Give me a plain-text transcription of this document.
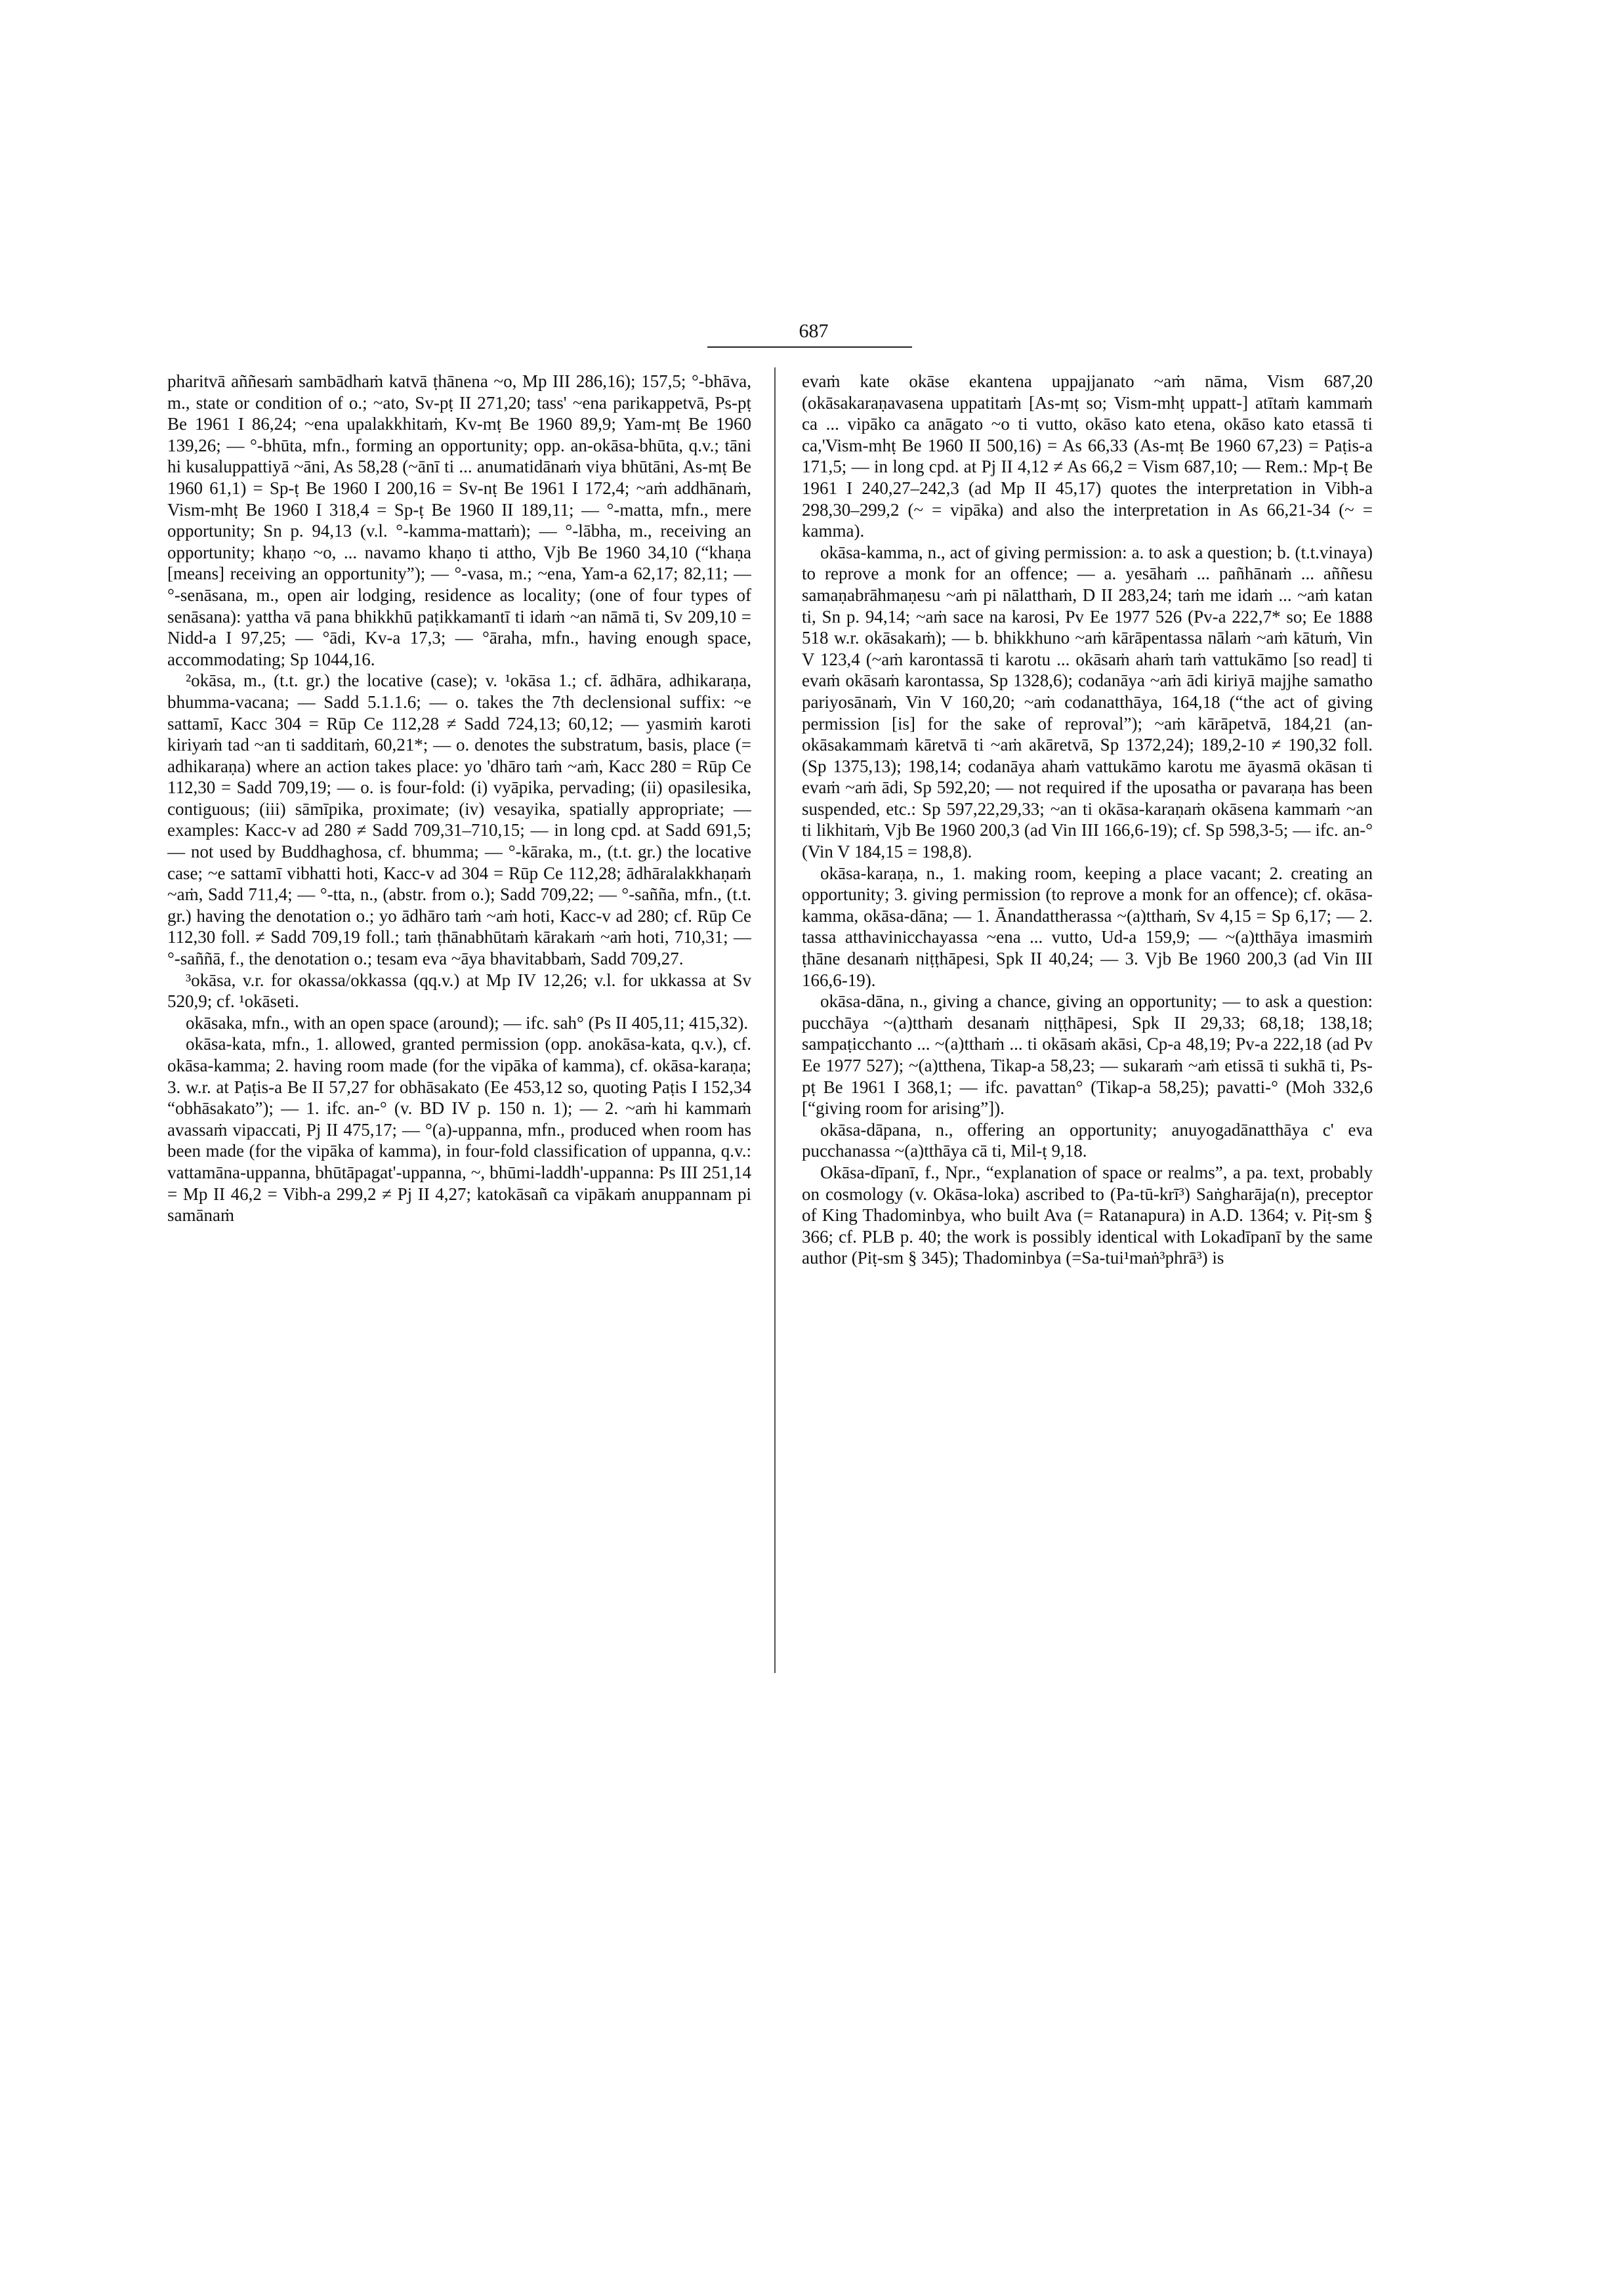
687

pharitvā aññesaṁ sambādhaṁ katvā ṭhānena ~o, Mp III 286,16); 157,5; °-bhāva, m., state or condition of o.; ~ato, Sv-pṭ II 271,20; tass' ~ena parikappetvā, Ps-pṭ Be 1961 I 86,24; ~ena upalakkhitaṁ, Kv-mṭ Be 1960 89,9; Yam-mṭ Be 1960 139,26; — °-bhūta, mfn., forming an opportunity; opp. an-okāsa-bhūta, q.v.; tāni hi kusaluppattiyā ~āni, As 58,28 (~ānī ti ... anumatidānaṁ viya bhūtāni, As-mṭ Be 1960 61,1) = Sp-ṭ Be 1960 I 200,16 = Sv-nṭ Be 1961 I 172,4; ~aṁ addhānaṁ, Vism-mhṭ Be 1960 I 318,4 = Sp-ṭ Be 1960 II 189,11; — °-matta, mfn., mere opportunity; Sn p. 94,13 (v.l. °-kamma-mattaṁ); — °-lābha, m., receiving an opportunity; khaṇo ~o, ... navamo khaṇo ti attho, Vjb Be 1960 34,10 (“khaṇa [means] receiving an opportunity”); — °-vasa, m.; ~ena, Yam-a 62,17; 82,11; — °-senāsana, m., open air lodging, residence as locality; (one of four types of senāsana): yattha vā pana bhikkhū paṭikkamantī ti idaṁ ~an nāmā ti, Sv 209,10 = Nidd-a I 97,25; — °ādi, Kv-a 17,3; — °āraha, mfn., having enough space, accommodating; Sp 1044,16.

²okāsa, m., (t.t. gr.) the locative (case); v. ¹okāsa 1.; cf. ādhāra, adhikaraṇa, bhumma-vacana; — Sadd 5.1.1.6; — o. takes the 7th declensional suffix: ~e sattamī, Kacc 304 = Rūp Ce 112,28 ≠ Sadd 724,13; 60,12; — yasmiṁ karoti kiriyaṁ tad ~an ti sadditaṁ, 60,21*; — o. denotes the substratum, basis, place (= adhikaraṇa) where an action takes place: yo 'dhāro taṁ ~aṁ, Kacc 280 = Rūp Ce 112,30 = Sadd 709,19; — o. is four-fold: (i) vyāpika, pervading; (ii) opasilesika, contiguous; (iii) sāmīpika, proximate; (iv) vesayika, spatially appropriate; — examples: Kacc-v ad 280 ≠ Sadd 709,31–710,15; — in long cpd. at Sadd 691,5; — not used by Buddhaghosa, cf. bhumma; — °-kāraka, m., (t.t. gr.) the locative case; ~e sattamī vibhatti hoti, Kacc-v ad 304 = Rūp Ce 112,28; ādhāralakkhaṇaṁ ~aṁ, Sadd 711,4; — °-tta, n., (abstr. from o.); Sadd 709,22; — °-sañña, mfn., (t.t. gr.) having the denotation o.; yo ādhāro taṁ ~aṁ hoti, Kacc-v ad 280; cf. Rūp Ce 112,30 foll. ≠ Sadd 709,19 foll.; taṁ ṭhānabhūtaṁ kārakaṁ ~aṁ hoti, 710,31; — °-saññā, f., the denotation o.; tesam eva ~āya bhavitabbaṁ, Sadd 709,27.

³okāsa, v.r. for okassa/okkassa (qq.v.) at Mp IV 12,26; v.l. for ukkassa at Sv 520,9; cf. ¹okāseti.

okāsaka, mfn., with an open space (around); — ifc. sah° (Ps II 405,11; 415,32).

okāsa-kata, mfn., 1. allowed, granted permission (opp. anokāsa-kata, q.v.), cf. okāsa-kamma; 2. having room made (for the vipāka of kamma), cf. okāsa-karaṇa; 3. w.r. at Paṭis-a Be II 57,27 for obhāsakato (Ee 453,12 so, quoting Paṭis I 152,34 “obhāsakato”); — 1. ifc. an-° (v. BD IV p. 150 n. 1); — 2. ~aṁ hi kammaṁ avassaṁ vipaccati, Pj II 475,17; — °(a)-uppanna, mfn., produced when room has been made (for the vipāka of kamma), in four-fold classification of uppanna, q.v.: vattamāna-uppanna, bhūtāpagat'-uppanna, ~, bhūmi-laddh'-uppanna: Ps III 251,14 = Mp II 46,2 = Vibh-a 299,2 ≠ Pj II 4,27; katokāsañ ca vipākaṁ anuppannam pi samānaṁ

evaṁ kate okāse ekantena uppajjanato ~aṁ nāma, Vism 687,20 (okāsakaraṇavasena uppatitaṁ [As-mṭ so; Vism-mhṭ uppatt-] atītaṁ kammaṁ ca ... vipāko ca anāgato ~o ti vutto, okāso kato etena, okāso kato etassā ti ca,'Vism-mhṭ Be 1960 II 500,16) = As 66,33 (As-mṭ Be 1960 67,23) = Paṭis-a 171,5; — in long cpd. at Pj II 4,12 ≠ As 66,2 = Vism 687,10; — Rem.: Mp-ṭ Be 1961 I 240,27–242,3 (ad Mp II 45,17) quotes the interpretation in Vibh-a 298,30–299,2 (~ = vipāka) and also the interpretation in As 66,21-34 (~ = kamma).

okāsa-kamma, n., act of giving permission: a. to ask a question; b. (t.t.vinaya) to reprove a monk for an offence; — a. yesāhaṁ ... pañhānaṁ ... aññesu samaṇabrāhmaṇesu ~aṁ pi nālatthaṁ, D II 283,24; taṁ me idaṁ ... ~aṁ katan ti, Sn p. 94,14; ~aṁ sace na karosi, Pv Ee 1977 526 (Pv-a 222,7* so; Ee 1888 518 w.r. okāsakaṁ); — b. bhikkhuno ~aṁ kārāpentassa nālaṁ ~aṁ kātuṁ, Vin V 123,4 (~aṁ karontassā ti karotu ... okāsaṁ ahaṁ taṁ vattukāmo [so read] ti evaṁ okāsaṁ karontassa, Sp 1328,6); codanāya ~aṁ ādi kiriyā majjhe samatho pariyosānaṁ, Vin V 160,20; ~aṁ codanatthāya, 164,18 (“the act of giving permission [is] for the sake of reproval”); ~aṁ kārāpetvā, 184,21 (an-okāsakammaṁ kāretvā ti ~aṁ akāretvā, Sp 1372,24); 189,2-10 ≠ 190,32 foll. (Sp 1375,13); 198,14; codanāya ahaṁ vattukāmo karotu me āyasmā okāsan ti evaṁ ~aṁ ādi, Sp 592,20; — not required if the uposatha or pavaraṇa has been suspended, etc.: Sp 597,22,29,33; ~an ti okāsa-karaṇaṁ okāsena kammaṁ ~an ti likhitaṁ, Vjb Be 1960 200,3 (ad Vin III 166,6-19); cf. Sp 598,3-5; — ifc. an-° (Vin V 184,15 = 198,8).

okāsa-karaṇa, n., 1. making room, keeping a place vacant; 2. creating an opportunity; 3. giving permission (to reprove a monk for an offence); cf. okāsa-kamma, okāsa-dāna; — 1. Ānandattherassa ~(a)tthaṁ, Sv 4,15 = Sp 6,17; — 2. tassa atthavinicchayassa ~ena ... vutto, Ud-a 159,9; — ~(a)tthāya imasmiṁ ṭhāne desanaṁ niṭṭhāpesi, Spk II 40,24; — 3. Vjb Be 1960 200,3 (ad Vin III 166,6-19).

okāsa-dāna, n., giving a chance, giving an opportunity; — to ask a question: pucchāya ~(a)tthaṁ desanaṁ niṭṭhāpesi, Spk II 29,33; 68,18; 138,18; sampaṭicchanto ... ~(a)tthaṁ ... ti okāsaṁ akāsi, Cp-a 48,19; Pv-a 222,18 (ad Pv Ee 1977 527); ~(a)tthena, Tikap-a 58,23; — sukaraṁ ~aṁ etissā ti sukhā ti, Ps-pṭ Be 1961 I 368,1; — ifc. pavattan° (Tikap-a 58,25); pavatti-° (Moh 332,6 [“giving room for arising”]).

okāsa-dāpana, n., offering an opportunity; anuyogadānatthāya c' eva pucchanassa ~(a)tthāya cā ti, Mil-ṭ 9,18.

Okāsa-dīpanī, f., Npr., “explanation of space or realms”, a pa. text, probably on cosmology (v. Okāsa-loka) ascribed to (Pa-tū-krī³) Saṅgharāja(n), preceptor of King Thadominbya, who built Ava (= Ratanapura) in A.D. 1364; v. Piṭ-sm § 366; cf. PLB p. 40; the work is possibly identical with Lokadīpanī by the same author (Piṭ-sm § 345); Thadominbya (=Sa-tui¹maṅ³phrā³) is
